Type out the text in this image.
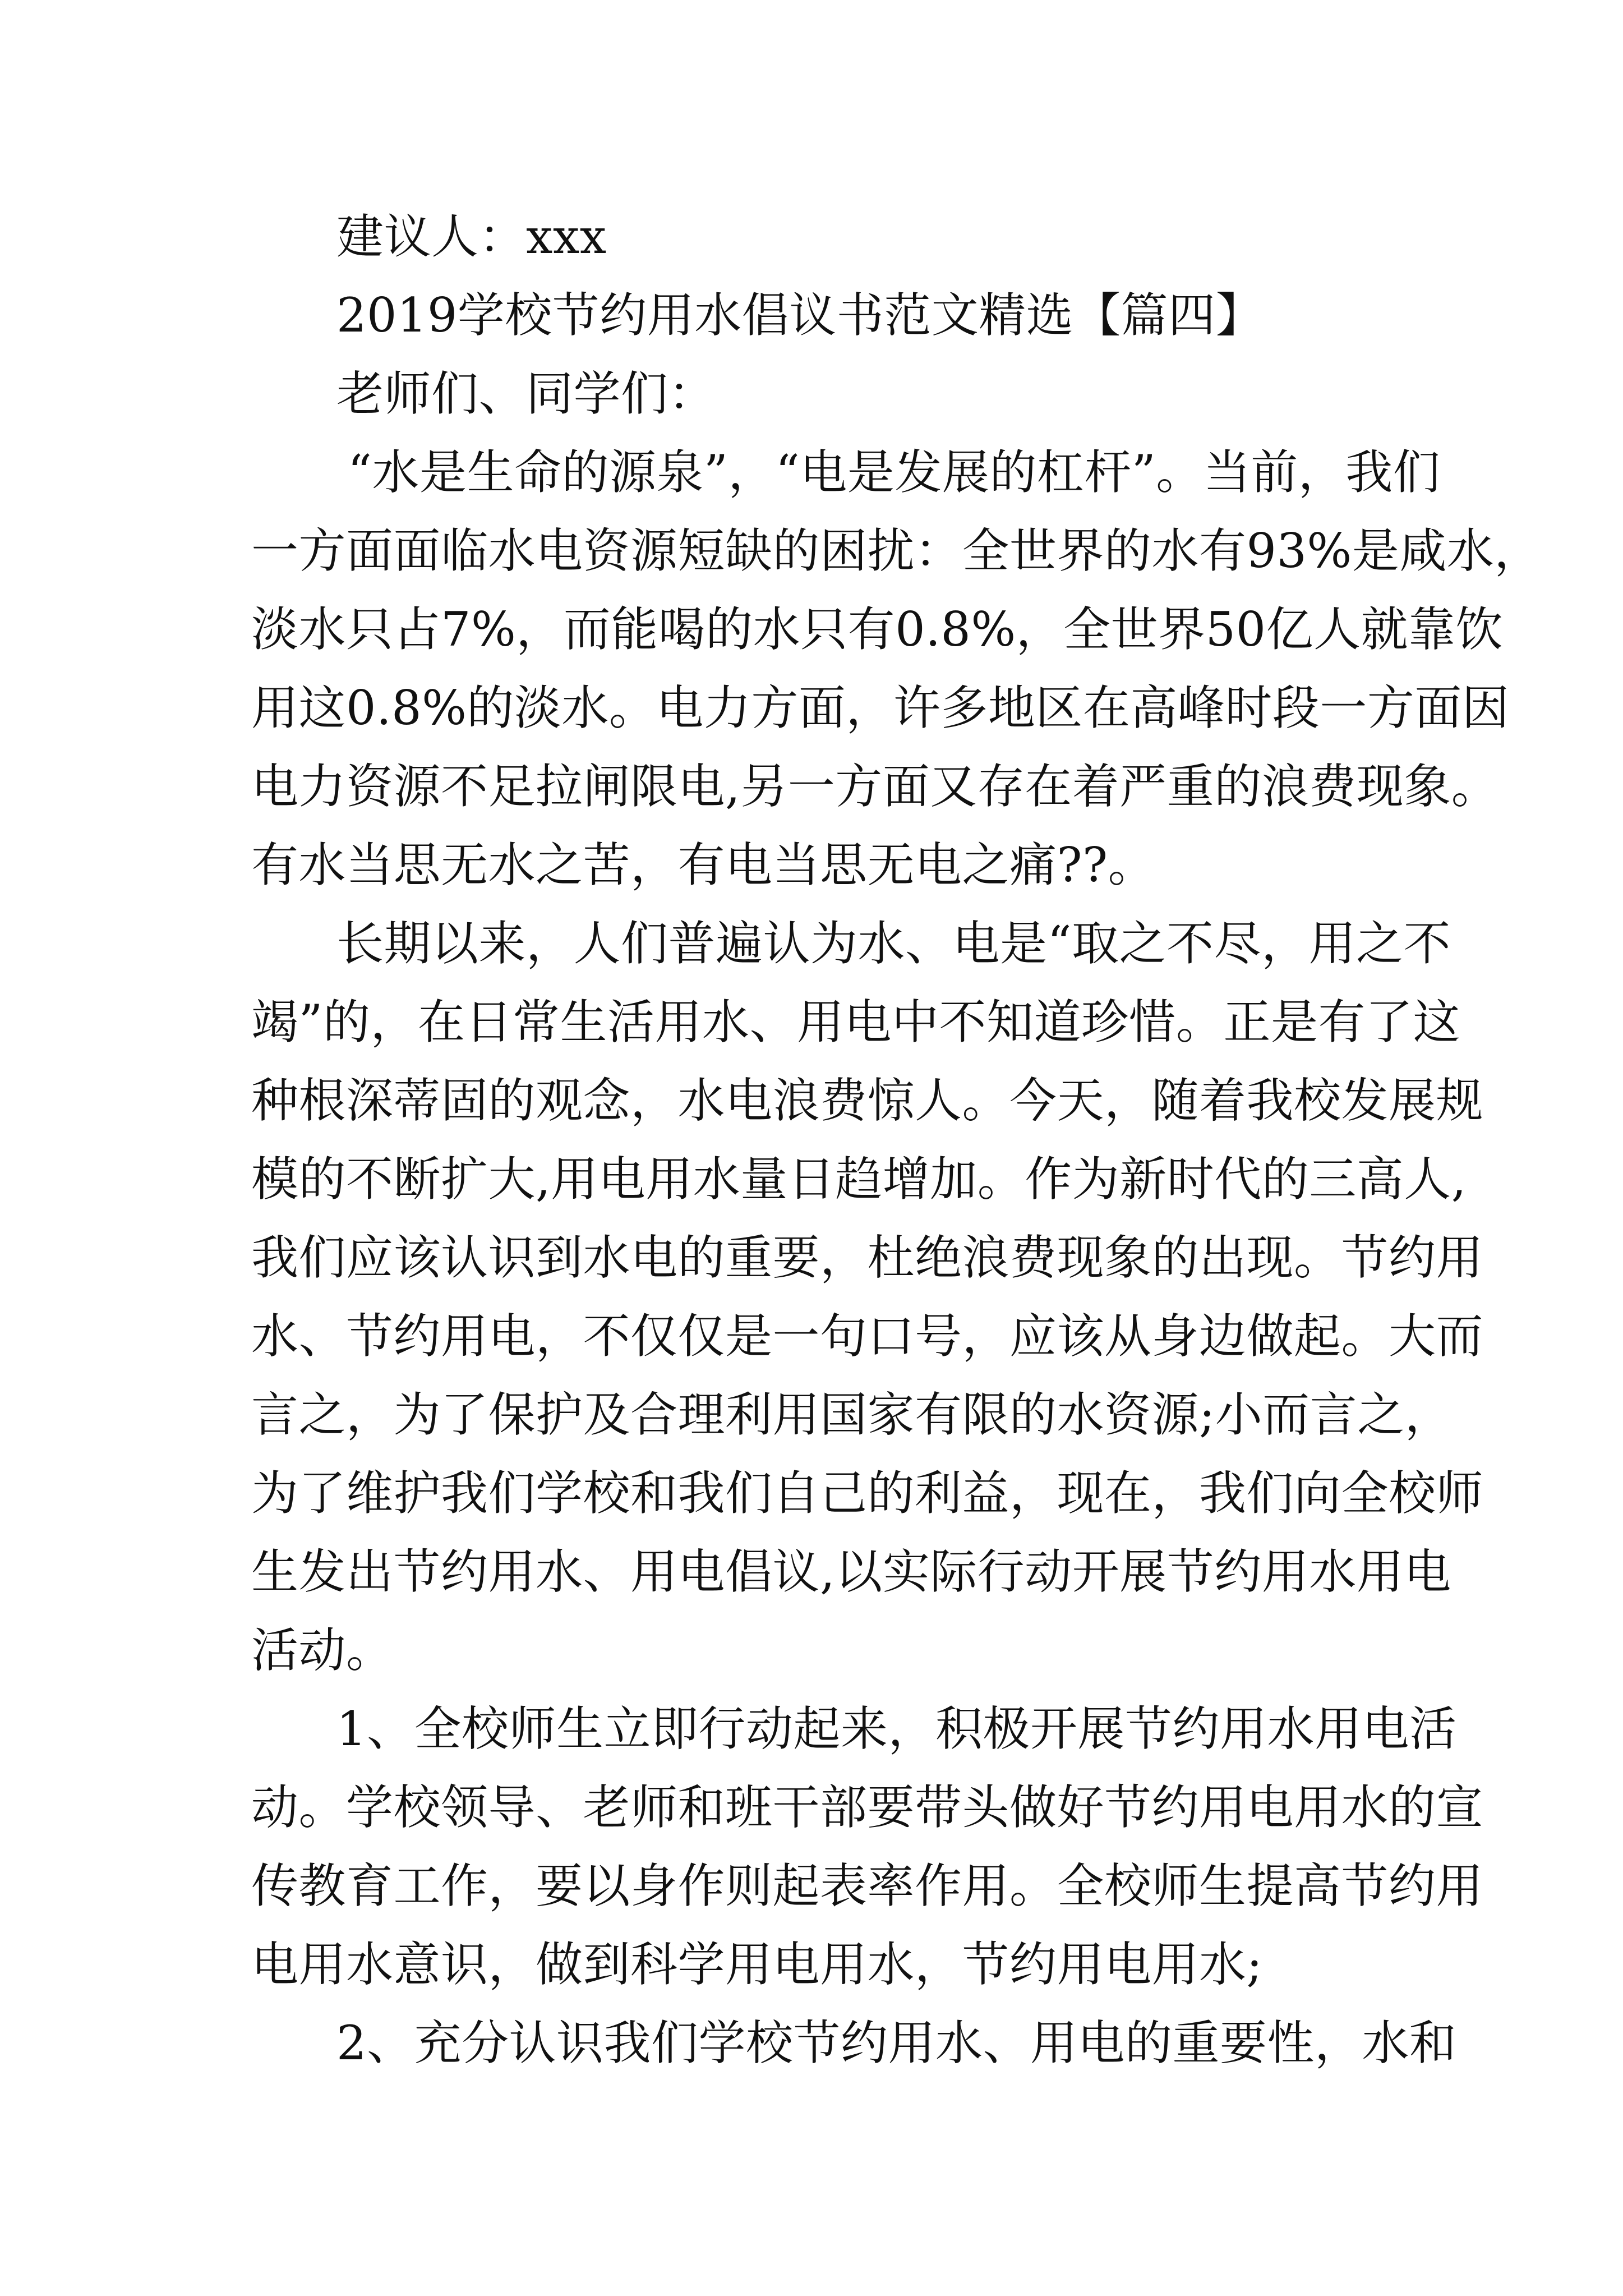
建议人：xxx
2019学校节约用水倡议书范文精选【篇四】
老师们、同学们：
“水是生命的源泉”，“电是发展的杠杆”。当前，我们
一方面面临水电资源短缺的困扰：全世界的水有93%是咸水，
淡水只占7%，而能喝的水只有0.8%，全世界50亿人就靠饮
用这0.8%的淡水。电力方面，许多地区在高峰时段一方面因
电力资源不足拉闸限电,另一方面又存在着严重的浪费现象。
有水当思无水之苦，有电当思无电之痛??。
长期以来，人们普遍认为水、电是“取之不尽，用之不
竭”的，在日常生活用水、用电中不知道珍惜。正是有了这
种根深蒂固的观念，水电浪费惊人。今天，随着我校发展规
模的不断扩大,用电用水量日趋增加。作为新时代的三高人,
我们应该认识到水电的重要，杜绝浪费现象的出现。节约用
水、节约用电，不仅仅是一句口号，应该从身边做起。大而
言之，为了保护及合理利用国家有限的水资源;小而言之，
为了维护我们学校和我们自己的利益，现在，我们向全校师
生发出节约用水、用电倡议,以实际行动开展节约用水用电
活动。
1、全校师生立即行动起来，积极开展节约用水用电活
动。学校领导、老师和班干部要带头做好节约用电用水的宣
传教育工作，要以身作则起表率作用。全校师生提高节约用
电用水意识，做到科学用电用水，节约用电用水;
2、充分认识我们学校节约用水、用电的重要性，水和
